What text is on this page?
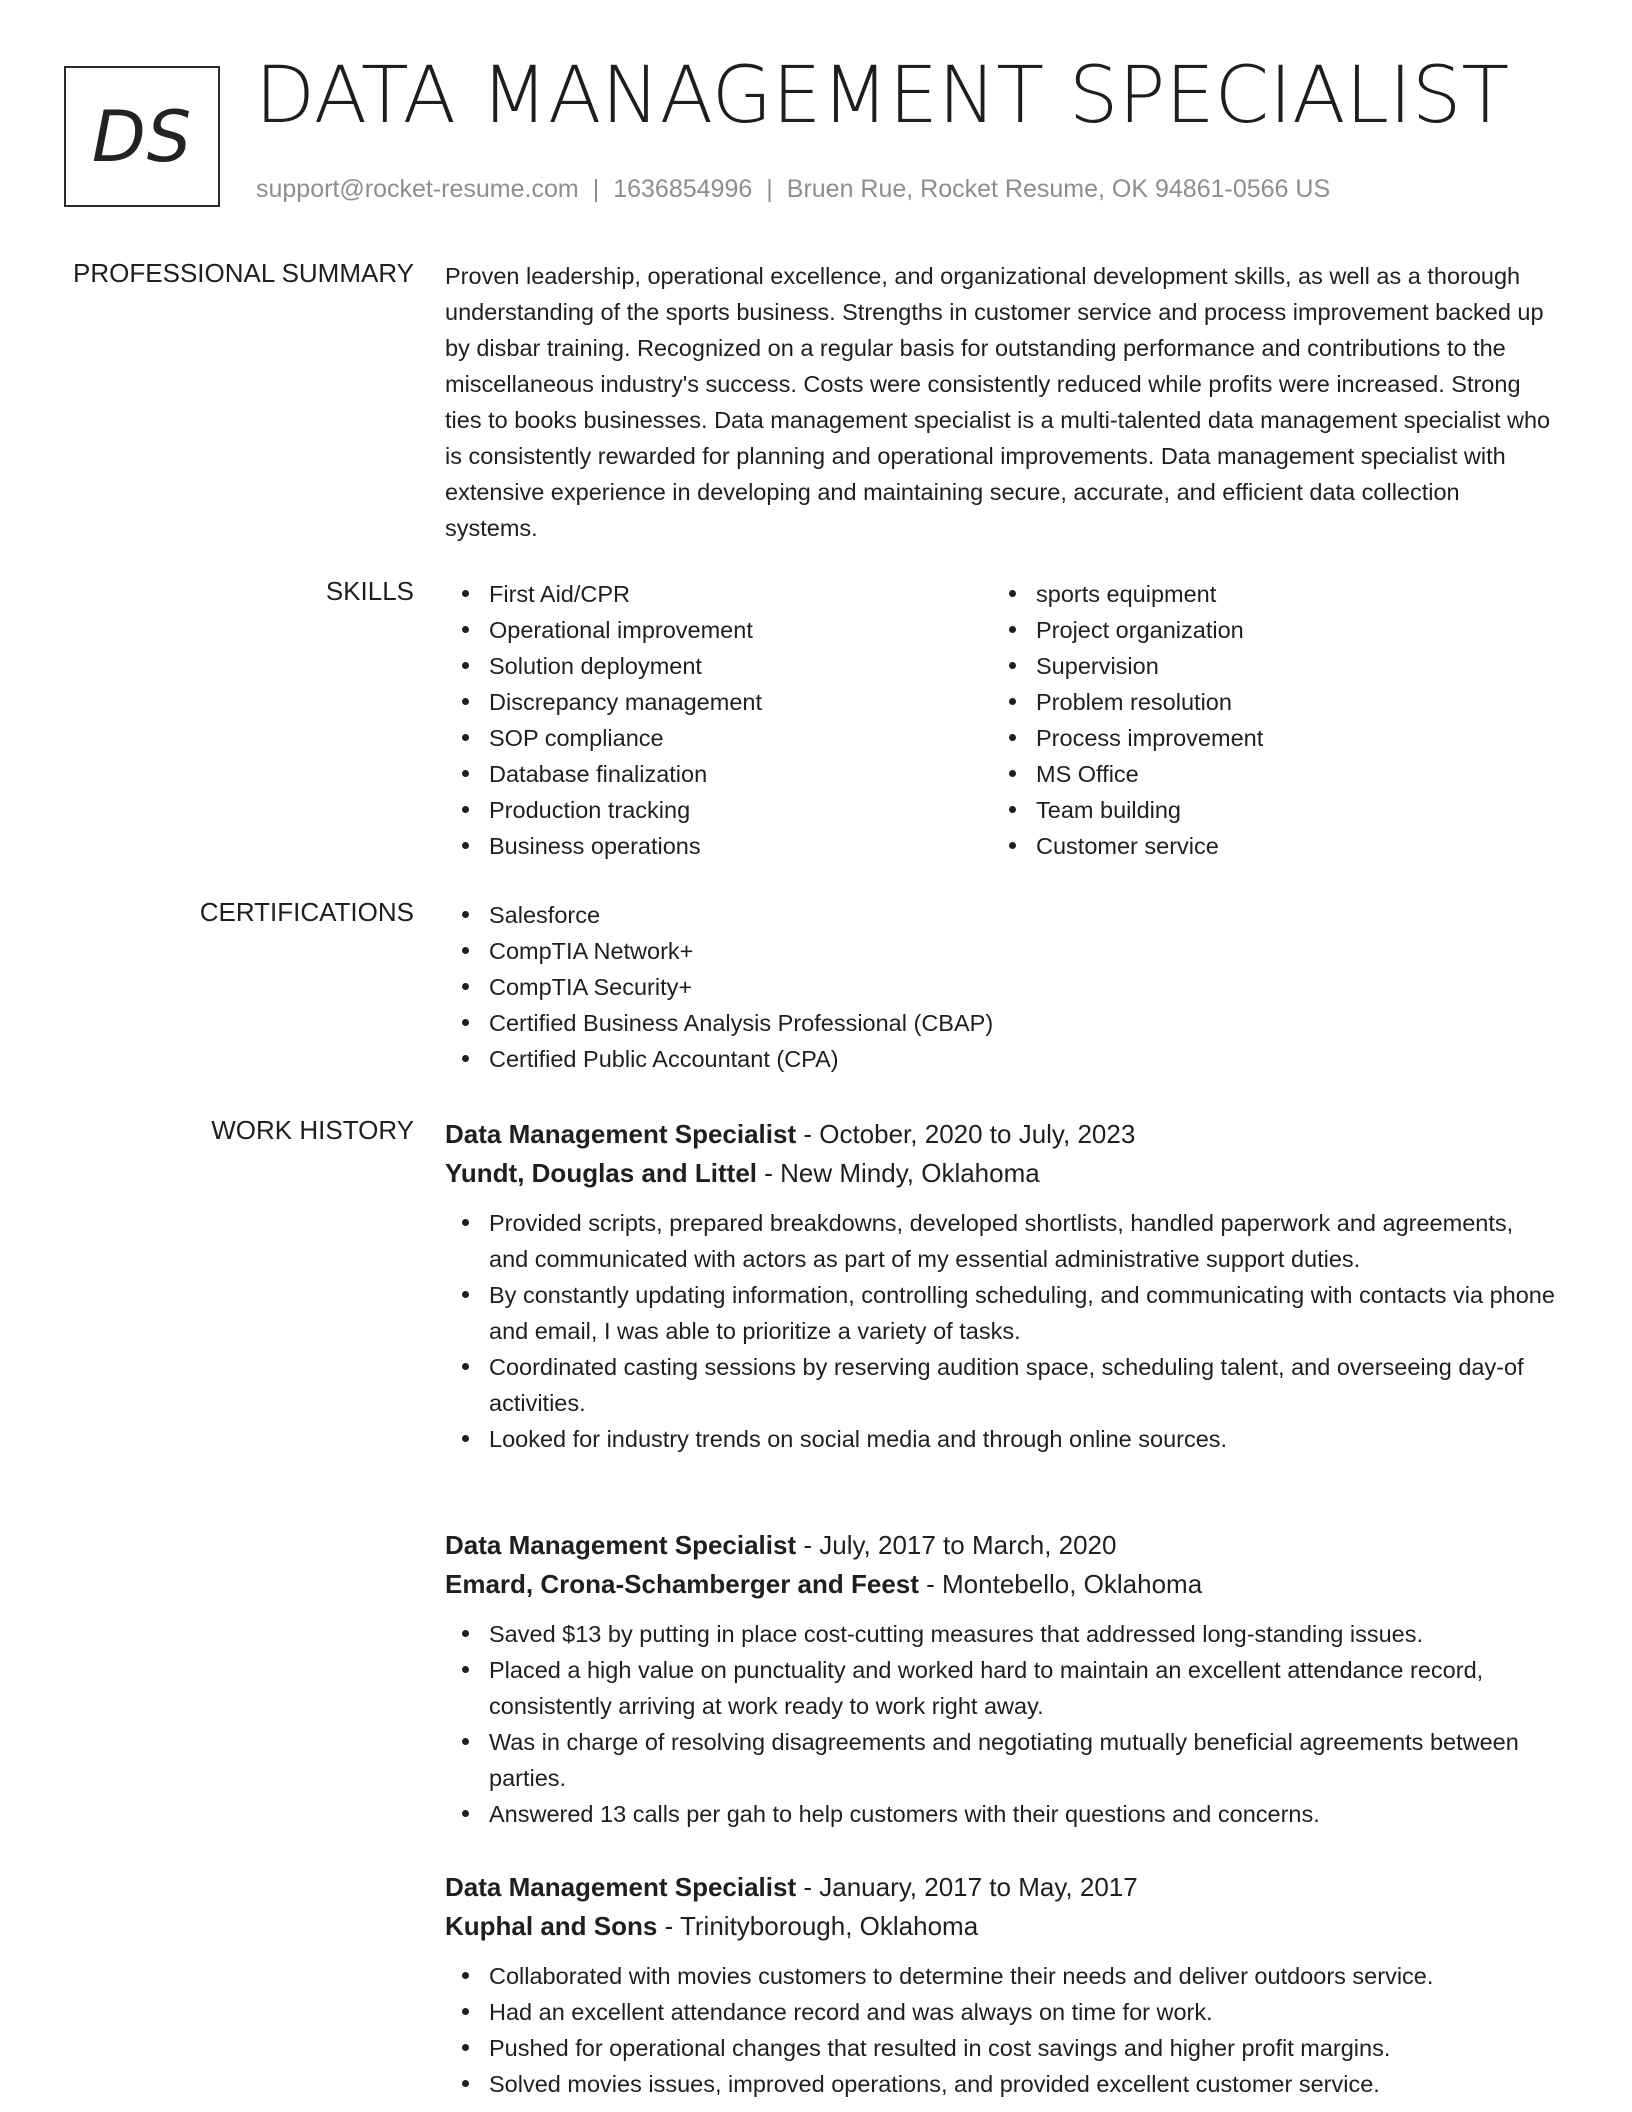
DS DATA MANAGEMENT SPECIALIST
support@rocket-resume.com | 1636854996 | Bruen Rue, Rocket Resume, OK 94861-0566 US
PROFESSIONAL SUMMARY Proven leadership, operational excellence, and organizational development skills, as well as a thorough understanding of the sports business. Strengths in customer service and process improvement backed up by disbar training. Recognized on a regular basis for outstanding performance and contributions to the miscellaneous industry's success. Costs were consistently reduced while profits were increased. Strong ties to books businesses. Data management specialist is a multi-talented data management specialist who is consistently rewarded for planning and operational improvements. Data management specialist with extensive experience in developing and maintaining secure, accurate, and efficient data collection systems.

SKILLS	First Aid/CPR
Operational improvement
Solution deployment
Discrepancy management
SOP compliance
Database finalization
Production tracking
Business operations
sports equipment
Project organization
Supervision
Problem resolution
Process improvement
MS Office
Team building
Customer service
CERTIFICATIONS	Salesforce
CompTIA Network+
CompTIA Security+
Certified Business Analysis Professional (CBAP)
Certified Public Accountant (CPA)
WORK HISTORY Data Management Specialist - October, 2020 to July, 2023
Yundt, Douglas and Littel - New Mindy, Oklahoma
Provided scripts, prepared breakdowns, developed shortlists, handled paperwork and agreements, and communicated with actors as part of my essential administrative support duties.
By constantly updating information, controlling scheduling, and communicating with contacts via phone and email, I was able to prioritize a variety of tasks.
Coordinated casting sessions by reserving audition space, scheduling talent, and overseeing day-of activities.
Looked for industry trends on social media and through online sources.
Data Management Specialist - July, 2017 to March, 2020
Emard, Crona-Schamberger and Feest - Montebello, Oklahoma
Saved $13 by putting in place cost-cutting measures that addressed long-standing issues.
Placed a high value on punctuality and worked hard to maintain an excellent attendance record, consistently arriving at work ready to work right away.
Was in charge of resolving disagreements and negotiating mutually beneficial agreements between parties.
Answered 13 calls per gah to help customers with their questions and concerns.
Data Management Specialist - January, 2017 to May, 2017
Kuphal and Sons - Trinityborough, Oklahoma
Collaborated with movies customers to determine their needs and deliver outdoors service.
Had an excellent attendance record and was always on time for work.
Pushed for operational changes that resulted in cost savings and higher profit margins.
Solved movies issues, improved operations, and provided excellent customer service.
